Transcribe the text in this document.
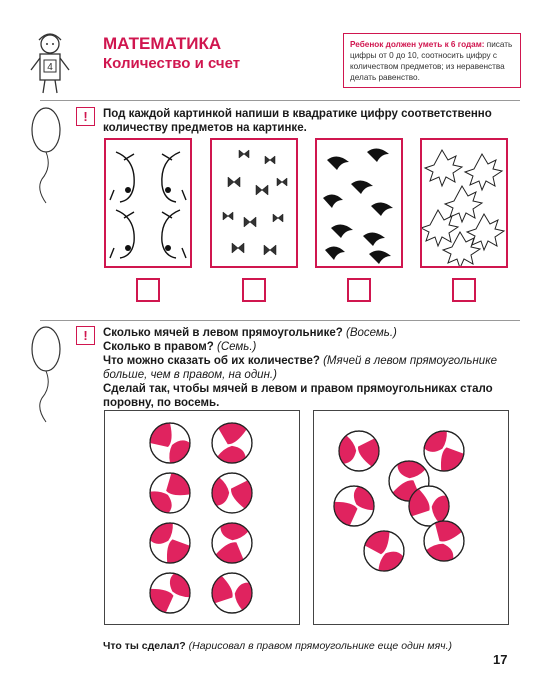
4
МАТЕМАТИКА
Количество и счет
Ребенок должен уметь к 6 годам: писать цифры от 0 до 10, соотносить цифру с количеством предметов; из неравенства делать равенство.
!	Под каждой картинкой напиши в квадратике цифру соответственно количеству предметов на картинке.
!	Сколько мячей в левом прямоугольнике? (Восемь.)
Сколько в правом? (Семь.)
Что можно сказать об их количестве? (Мячей в левом прямоугольнике больше, чем в правом, на один.)
Сделай так, чтобы мячей в левом и правом прямоугольниках стало поровну, по восемь.
Что ты сделал? (Нарисовал в правом прямоугольнике еще один мяч.)
17
